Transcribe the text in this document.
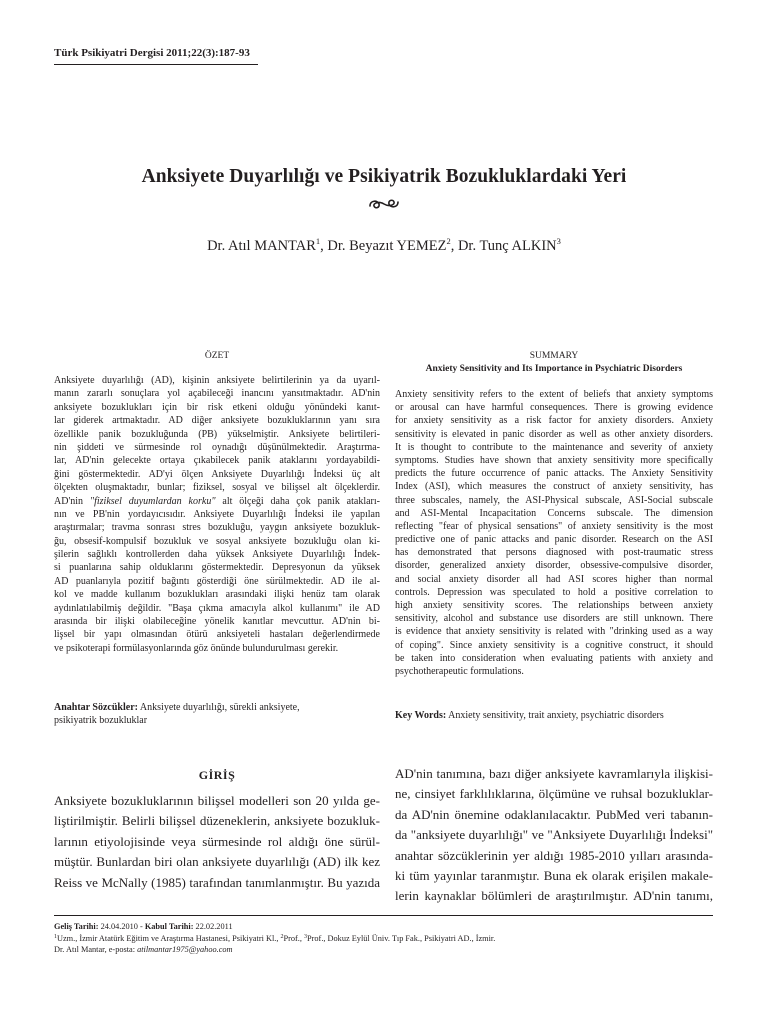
Türk Psikiyatri Dergisi 2011;22(3):187-93
Anksiyete Duyarlılığı ve Psikiyatrik Bozukluklardaki Yeri
Dr. Atıl MANTAR$^1$, Dr. Beyazıt YEMEZ$^2$, Dr. Tunç ALKIN$^3$
ÖZET
Anksiyete duyarlılığı (AD), kişinin anksiyete belirtilerinin ya da uyarıl-
manın zararlı sonuçlara yol açabileceği inancını yansıtmaktadır. AD'nin
anksiyete bozuklukları için bir risk etkeni olduğu yönündeki kanıt-
lar giderek artmaktadır. AD diğer anksiyete bozukluklarının yanı sıra
özellikle panik bozukluğunda (PB) yükselmiştir. Anksiyete belirtileri-
nin şiddeti ve sürmesinde rol oynadığı düşünülmektedir. Araştırma-
lar, AD'nin gelecekte ortaya çıkabilecek panik ataklarını yordayabildi-
ğini göstermektedir. AD'yi ölçen Anksiyete Duyarlılığı İndeksi üç alt
ölçekten oluşmaktadır, bunlar; fiziksel, sosyal ve bilişsel alt ölçeklerdir.
AD'nin "fiziksel duyumlardan korku" alt ölçeği daha çok panik atakları-
nın ve PB'nin yordayıcısıdır. Anksiyete Duyarlılığı İndeksi ile yapılan
araştırmalar; travma sonrası stres bozukluğu, yaygın anksiyete bozukluk-
ğu, obsesif-kompulsif bozukluk ve sosyal anksiyete bozukluğu olan ki-
şilerin sağlıklı kontrollerden daha yüksek Anksiyete Duyarlılığı İndek-
si puanlarına sahip olduklarını göstermektedir. Depresyonun da yüksek
AD puanlarıyla pozitif bağıntı gösterdiği öne sürülmektedir. AD ile al-
kol ve madde kullanım bozuklukları arasındaki ilişki henüz tam olarak
aydınlatılabilmiş değildir. "Başa çıkma amacıyla alkol kullanımı" ile AD
arasında bir ilişki olabileceğine yönelik kanıtlar mevcuttur. AD'nin bi-
lişsel bir yapı olmasından ötürü anksiyeteli hastaları değerlendirmede
ve psikoterapi formülasyonlarında göz önünde bulundurulması gerekir.
Anahtar Sözcükler: Anksiyete duyarlılığı, sürekli anksiyete,
psikiyatrik bozukluklar
SUMMARY
Anxiety Sensitivity and Its Importance in Psychiatric Disorders
Anxiety sensitivity refers to the extent of beliefs that anxiety symptoms
or arousal can have harmful consequences. There is growing evidence
for anxiety sensitivity as a risk factor for anxiety disorders. Anxiety
sensitivity is elevated in panic disorder as well as other anxiety disorders.
It is thought to contribute to the maintenance and severity of anxiety
symptoms. Studies have shown that anxiety sensitivity more specifically
predicts the future occurrence of panic attacks. The Anxiety Sensitivity
Index (ASI), which measures the construct of anxiety sensitivity, has
three subscales, namely, the ASI-Physical subscale, ASI-Social subscale
and ASI-Mental Incapacitation Concerns subscale. The dimension
reflecting "fear of physical sensations" of anxiety sensitivity is the most
predictive one of panic attacks and panic disorder. Research on the ASI
has demonstrated that persons diagnosed with post-traumatic stress
disorder, generalized anxiety disorder, obsessive-compulsive disorder,
and social anxiety disorder all had ASI scores higher than normal
controls. Depression was speculated to hold a positive correlation to
high anxiety sensitivity scores. The relationships between anxiety
sensitivity, alcohol and substance use disorders are still unknown. There
is evidence that anxiety sensitivity is related with "drinking used as a way
of coping". Since anxiety sensitivity is a cognitive construct, it should
be taken into consideration when evaluating patients with anxiety and
psychotherapeutic formulations.
Key Words: Anxiety sensitivity, trait anxiety, psychiatric disorders
GİRİŞ
Anksiyete bozukluklarının bilişsel modelleri son 20 yılda ge-
liştirilmiştir. Belirli bilişsel düzeneklerin, anksiyete bozukluk-
larının etiyolojisinde veya sürmesinde rol aldığı öne sürül-
müştür. Bunlardan biri olan anksiyete duyarlılığı (AD) ilk kez
Reiss ve McNally (1985) tarafından tanımlanmıştır. Bu yazıda
AD'nin tanımına, bazı diğer anksiyete kavramlarıyla ilişkisi-
ne, cinsiyet farklılıklarına, ölçümüne ve ruhsal bozukluklar-
da AD'nin önemine odaklanılacaktır. PubMed veri tabanın-
da "anksiyete duyarlılığı" ve "Anksiyete Duyarlılığı İndeksi"
anahtar sözcüklerinin yer aldığı 1985-2010 yılları arasında-
ki tüm yayınlar taranmıştır. Buna ek olarak erişilen makale-
lerin kaynaklar bölümleri de araştırılmıştır. AD'nin tanımı,
Geliş Tarihi: 24.04.2010 - Kabul Tarihi: 22.02.2011
$^1$Uzm., İzmir Atatürk Eğitim ve Araştırma Hastanesi, Psikiyatri Kl., $^2$Prof., $^3$Prof., Dokuz Eylül Üniv. Tıp Fak., Psikiyatri AD., İzmir.
Dr. Atıl Mantar, e-posta: atilmantar1975@yahoo.com
